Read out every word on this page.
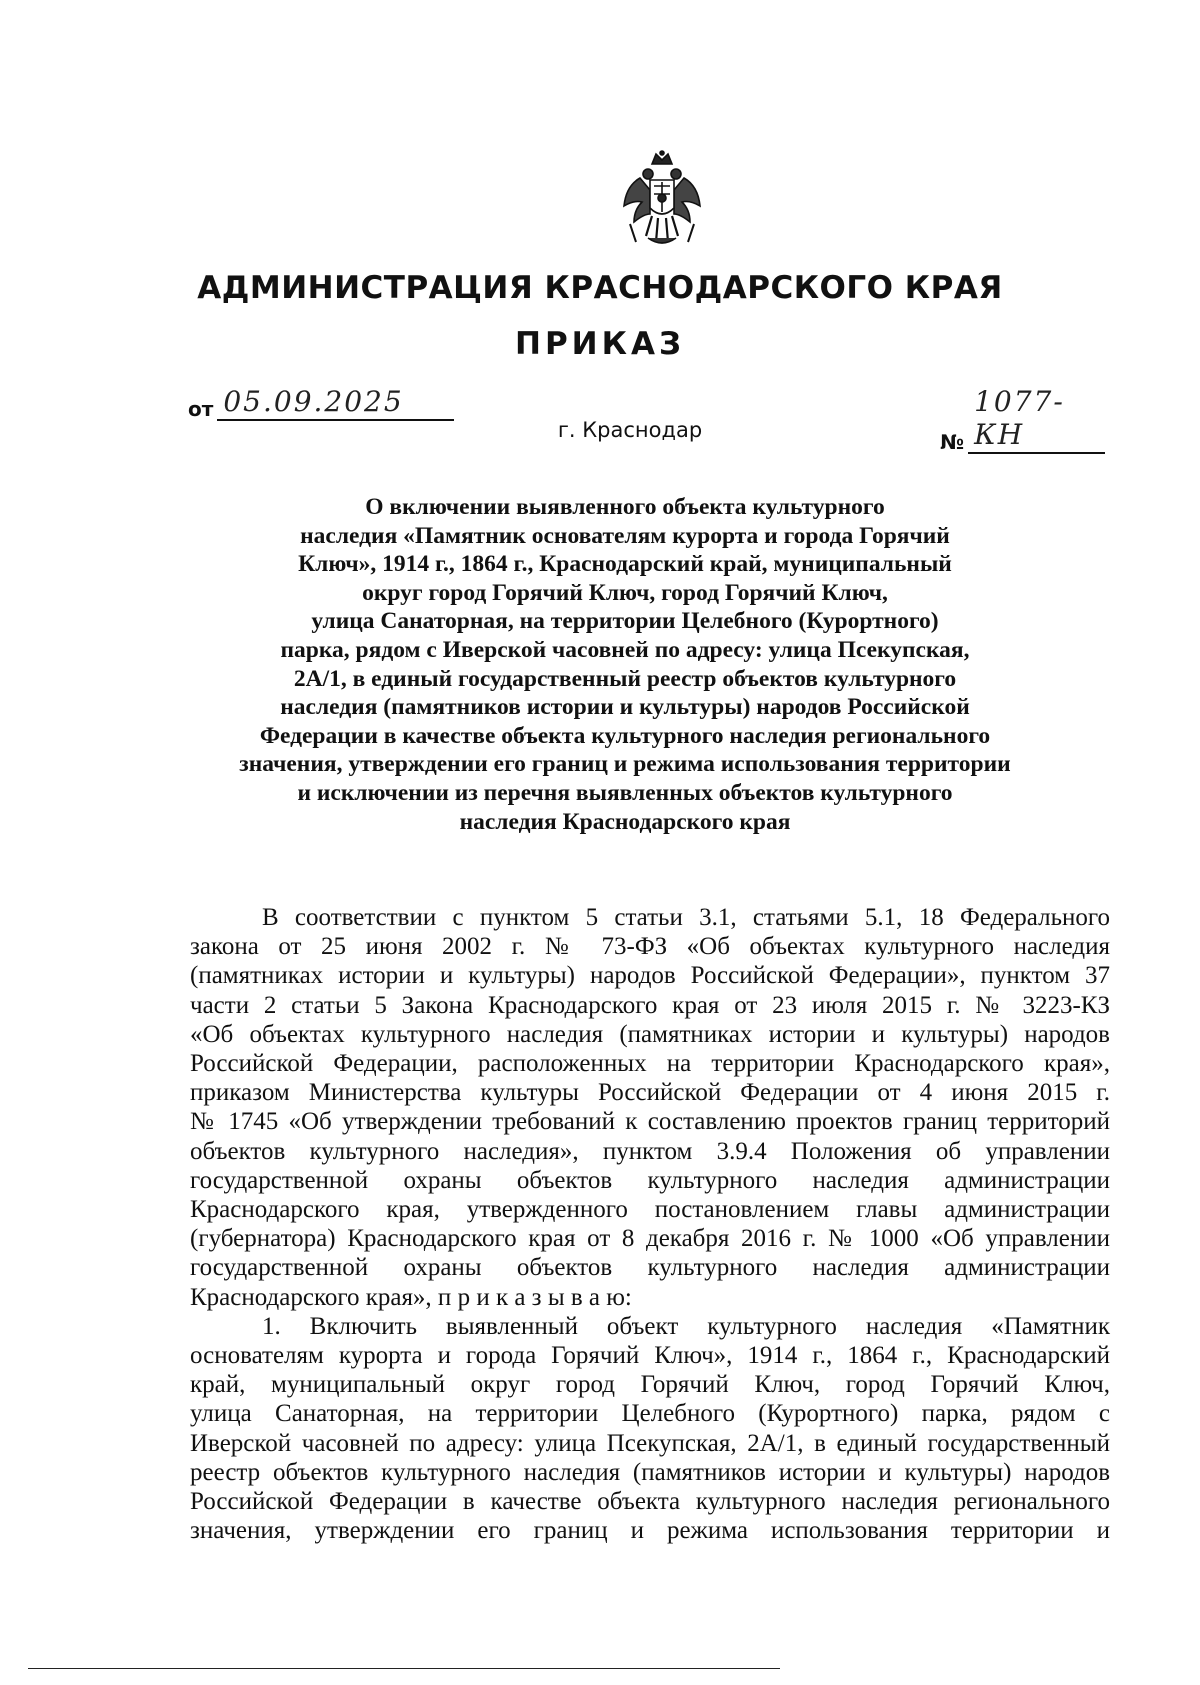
АДМИНИСТРАЦИЯ КРАСНОДАРСКОГО КРАЯ
ПРИКАЗ
от 05.09.2025
№
1077-КН
г. Краснодар
О включении выявленного объекта культурного
наследия «Памятник основателям курорта и города Горячий
Ключ», 1914 г., 1864 г., Краснодарский край, муниципальный
округ город Горячий Ключ, город Горячий Ключ,
улица Санаторная, на территории Целебного (Курортного)
парка, рядом с Иверской часовней по адресу: улица Псекупская,
2А/1, в единый государственный реестр объектов культурного
наследия (памятников истории и культуры) народов Российской
Федерации в качестве объекта культурного наследия регионального
значения, утверждении его границ и режима использования территории
и исключении из перечня выявленных объектов культурного
наследия Краснодарского края
В соответствии с пунктом 5 статьи 3.1, статьями 5.1, 18 Федерального
закона от 25 июня 2002 г. № 73-ФЗ «Об объектах культурного наследия
(памятниках истории и культуры) народов Российской Федерации», пунктом 37
части 2 статьи 5 Закона Краснодарского края от 23 июля 2015 г. № 3223-КЗ
«Об объектах культурного наследия (памятниках истории и культуры) народов
Российской Федерации, расположенных на территории Краснодарского края»,
приказом Министерства культуры Российской Федерации от 4 июня 2015 г.
№ 1745 «Об утверждении требований к составлению проектов границ территорий
объектов культурного наследия», пунктом 3.9.4 Положения об управлении
государственной охраны объектов культурного наследия администрации
Краснодарского края, утвержденного постановлением главы администрации
(губернатора) Краснодарского края от 8 декабря 2016 г. № 1000 «Об управлении
государственной охраны объектов культурного наследия администрации
Краснодарского края», п р и к а з ы в а ю:
1. Включить выявленный объект культурного наследия «Памятник
основателям курорта и города Горячий Ключ», 1914 г., 1864 г., Краснодарский
край, муниципальный округ город Горячий Ключ, город Горячий Ключ,
улица Санаторная, на территории Целебного (Курортного) парка, рядом с
Иверской часовней по адресу: улица Псекупская, 2А/1, в единый государственный
реестр объектов культурного наследия (памятников истории и культуры) народов
Российской Федерации в качестве объекта культурного наследия регионального
значения, утверждении его границ и режима использования территории и
